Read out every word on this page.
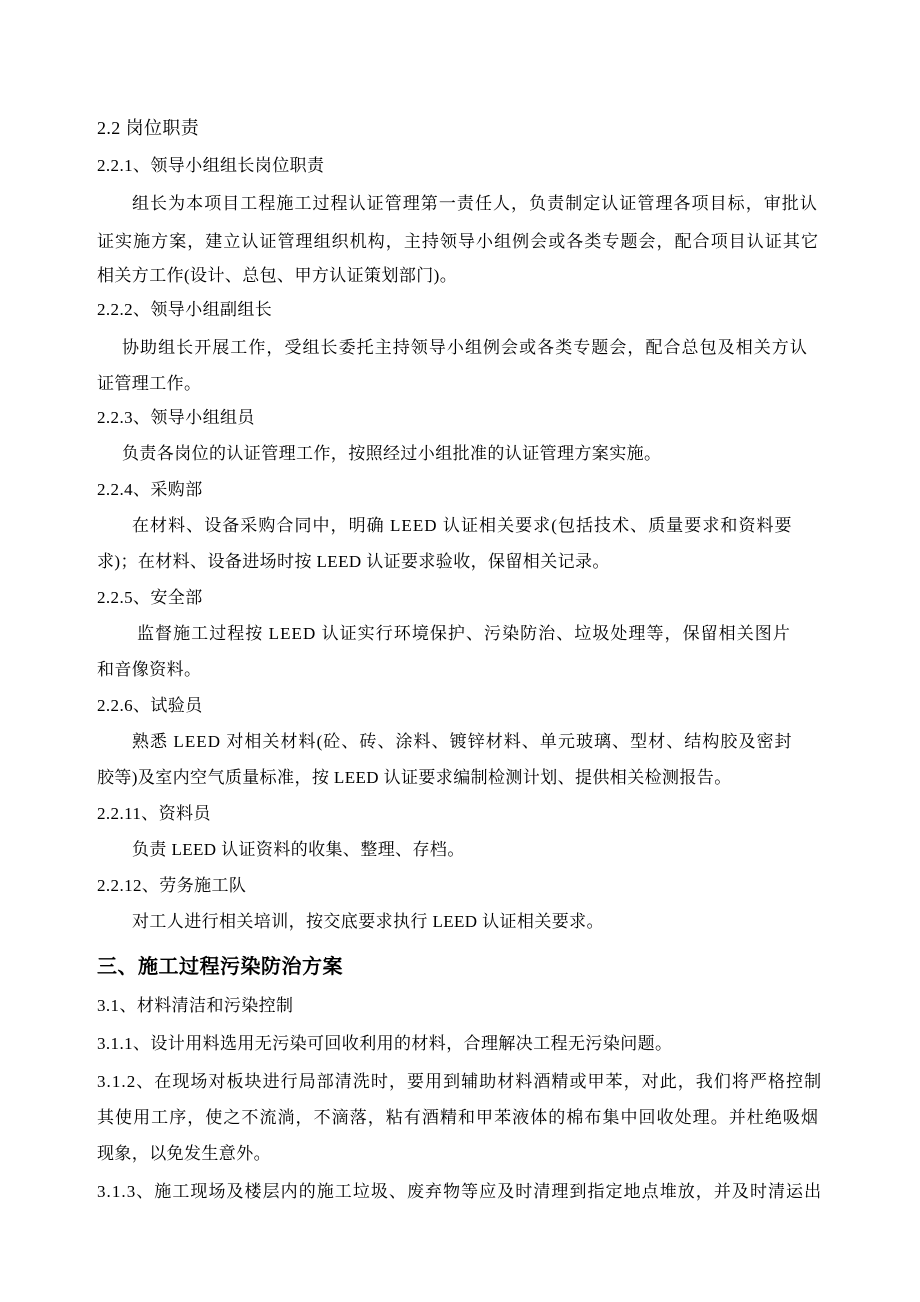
2.2 岗位职责
2.2.1、领导小组组长岗位职责
组长为本项目工程施工过程认证管理第一责任人，负责制定认证管理各项目标，审批认
证实施方案，建立认证管理组织机构，主持领导小组例会或各类专题会，配合项目认证其它
相关方工作(设计、总包、甲方认证策划部门)。
2.2.2、领导小组副组长
协助组长开展工作，受组长委托主持领导小组例会或各类专题会，配合总包及相关方认
证管理工作。
2.2.3、领导小组组员
负责各岗位的认证管理工作，按照经过小组批准的认证管理方案实施。
2.2.4、采购部
在材料、设备采购合同中，明确 LEED 认证相关要求(包括技术、质量要求和资料要
求)；在材料、设备进场时按 LEED 认证要求验收，保留相关记录。
2.2.5、安全部
监督施工过程按 LEED 认证实行环境保护、污染防治、垃圾处理等，保留相关图片
和音像资料。
2.2.6、试验员
熟悉 LEED 对相关材料(砼、砖、涂料、镀锌材料、单元玻璃、型材、结构胶及密封
胶等)及室内空气质量标准，按 LEED 认证要求编制检测计划、提供相关检测报告。
2.2.11、资料员
负责 LEED 认证资料的收集、整理、存档。
2.2.12、劳务施工队
对工人进行相关培训，按交底要求执行 LEED 认证相关要求。
三、施工过程污染防治方案
3.1、材料清洁和污染控制
3.1.1、设计用料选用无污染可回收利用的材料，合理解决工程无污染问题。
3.1.2、在现场对板块进行局部清洗时，要用到辅助材料酒精或甲苯，对此，我们将严格控制
其使用工序，使之不流淌，不滴落，粘有酒精和甲苯液体的棉布集中回收处理。并杜绝吸烟
现象，以免发生意外。
3.1.3、施工现场及楼层内的施工垃圾、废弃物等应及时清理到指定地点堆放，并及时清运出
